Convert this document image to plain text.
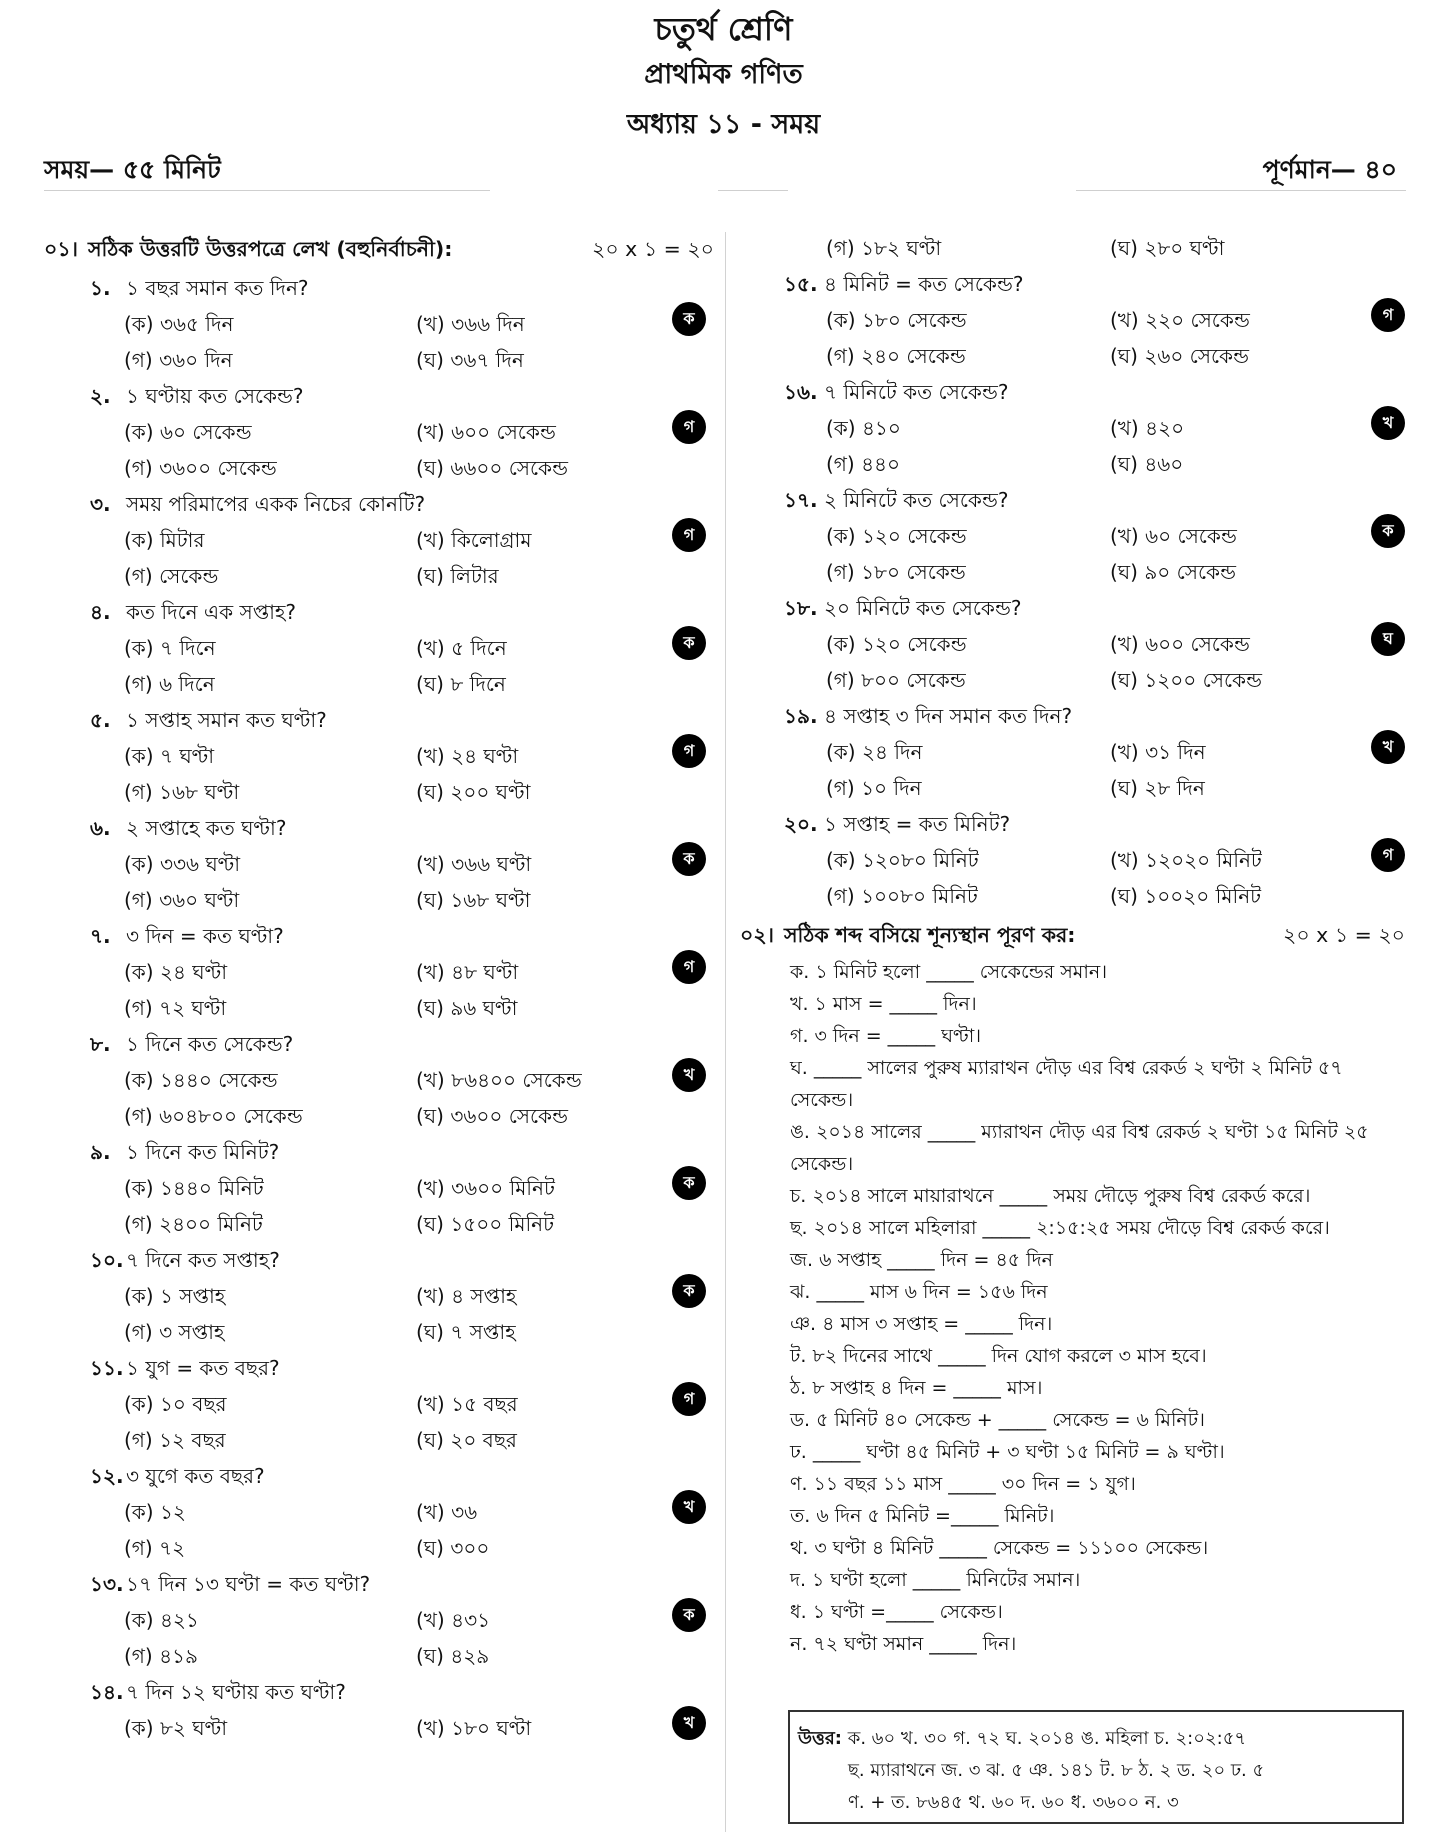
চতুর্থ শ্রেণি
প্রাথমিক গণিত
অধ্যায় ১১ - সময়
সময়— ৫৫ মিনিট	পূর্ণমান— ৪০
০১। সঠিক উত্তরটি উত্তরপত্রে লেখ (বহুনির্বাচনী):	২০ x ১ = ২০
১. ১ বছর সমান কত দিন?
(ক) ৩৬৫ দিন	(খ) ৩৬৬ দিন	ক
(গ) ৩৬০ দিন	(ঘ) ৩৬৭ দিন
২. ১ ঘণ্টায় কত সেকেন্ড?
(ক) ৬০ সেকেন্ড	(খ) ৬০০ সেকেন্ড	গ
(গ) ৩৬০০ সেকেন্ড	(ঘ) ৬৬০০ সেকেন্ড
৩. সময় পরিমাপের একক নিচের কোনটি?
(ক) মিটার	(খ) কিলোগ্রাম	গ
(গ) সেকেন্ড	(ঘ) লিটার
৪. কত দিনে এক সপ্তাহ?
(ক) ৭ দিনে	(খ) ৫ দিনে	ক
(গ) ৬ দিনে	(ঘ) ৮ দিনে
৫. ১ সপ্তাহ সমান কত ঘণ্টা?
(ক) ৭ ঘণ্টা	(খ) ২৪ ঘণ্টা	গ
(গ) ১৬৮ ঘণ্টা	(ঘ) ২০০ ঘণ্টা
৬. ২ সপ্তাহে কত ঘণ্টা?
(ক) ৩৩৬ ঘণ্টা	(খ) ৩৬৬ ঘণ্টা	ক
(গ) ৩৬০ ঘণ্টা	(ঘ) ১৬৮ ঘণ্টা
৭. ৩ দিন = কত ঘণ্টা?
(ক) ২৪ ঘণ্টা	(খ) ৪৮ ঘণ্টা	গ
(গ) ৭২ ঘণ্টা	(ঘ) ৯৬ ঘণ্টা
৮. ১ দিনে কত সেকেন্ড?
(ক) ১৪৪০ সেকেন্ড	(খ) ৮৬৪০০ সেকেন্ড	খ
(গ) ৬০৪৮০০ সেকেন্ড	(ঘ) ৩৬০০ সেকেন্ড
৯. ১ দিনে কত মিনিট?
(ক) ১৪৪০ মিনিট	(খ) ৩৬০০ মিনিট	ক
(গ) ২৪০০ মিনিট	(ঘ) ১৫০০ মিনিট
১০. ৭ দিনে কত সপ্তাহ?
(ক) ১ সপ্তাহ	(খ) ৪ সপ্তাহ	ক
(গ) ৩ সপ্তাহ	(ঘ) ৭ সপ্তাহ
১১. ১ যুগ = কত বছর?
(ক) ১০ বছর	(খ) ১৫ বছর	গ
(গ) ১২ বছর	(ঘ) ২০ বছর
১২. ৩ যুগে কত বছর?
(ক) ১২	(খ) ৩৬	খ
(গ) ৭২	(ঘ) ৩০০
১৩. ১৭ দিন ১৩ ঘণ্টা = কত ঘণ্টা?
(ক) ৪২১	(খ) ৪৩১	ক
(গ) ৪১৯	(ঘ) ৪২৯
১৪. ৭ দিন ১২ ঘণ্টায় কত ঘণ্টা?
(ক) ৮২ ঘণ্টা	(খ) ১৮০ ঘণ্টা	খ
(গ) ১৮২ ঘণ্টা	(ঘ) ২৮০ ঘণ্টা
১৫. ৪ মিনিট = কত সেকেন্ড?
(ক) ১৮০ সেকেন্ড	(খ) ২২০ সেকেন্ড	গ
(গ) ২৪০ সেকেন্ড	(ঘ) ২৬০ সেকেন্ড
১৬. ৭ মিনিটে কত সেকেন্ড?
(ক) ৪১০	(খ) ৪২০	খ
(গ) ৪৪০	(ঘ) ৪৬০
১৭. ২ মিনিটে কত সেকেন্ড?
(ক) ১২০ সেকেন্ড	(খ) ৬০ সেকেন্ড	ক
(গ) ১৮০ সেকেন্ড	(ঘ) ৯০ সেকেন্ড
১৮. ২০ মিনিটে কত সেকেন্ড?
(ক) ১২০ সেকেন্ড	(খ) ৬০০ সেকেন্ড	ঘ
(গ) ৮০০ সেকেন্ড	(ঘ) ১২০০ সেকেন্ড
১৯. ৪ সপ্তাহ ৩ দিন সমান কত দিন?
(ক) ২৪ দিন	(খ) ৩১ দিন	খ
(গ) ১০ দিন	(ঘ) ২৮ দিন
২০. ১ সপ্তাহ = কত মিনিট?
(ক) ১২০৮০ মিনিট	(খ) ১২০২০ মিনিট	গ
(গ) ১০০৮০ মিনিট	(ঘ) ১০০২০ মিনিট
০২। সঠিক শব্দ বসিয়ে শূন্যস্থান পূরণ কর:	২০ x ১ = ২০
ক. ১ মিনিট হলো _____ সেকেন্ডের সমান।
খ. ১ মাস = _____ দিন।
গ. ৩ দিন = _____ ঘণ্টা।
ঘ. _____ সালের পুরুষ ম্যারাথন দৌড় এর বিশ্ব রেকর্ড ২ ঘণ্টা ২ মিনিট ৫৭ সেকেন্ড।
ঙ. ২০১৪ সালের _____ ম্যারাথন দৌড় এর বিশ্ব রেকর্ড ২ ঘণ্টা ১৫ মিনিট ২৫ সেকেন্ড।
চ. ২০১৪ সালে মায়ারাথনে _____ সময় দৌড়ে পুরুষ বিশ্ব রেকর্ড করে।
ছ. ২০১৪ সালে মহিলারা _____ ২:১৫:২৫ সময় দৌড়ে বিশ্ব রেকর্ড করে।
জ. ৬ সপ্তাহ _____ দিন = ৪৫ দিন
ঝ. _____ মাস ৬ দিন = ১৫৬ দিন
ঞ. ৪ মাস ৩ সপ্তাহ = _____ দিন।
ট. ৮২ দিনের সাথে _____ দিন যোগ করলে ৩ মাস হবে।
ঠ. ৮ সপ্তাহ ৪ দিন = _____ মাস।
ড. ৫ মিনিট ৪০ সেকেন্ড + _____ সেকেন্ড = ৬ মিনিট।
ঢ. _____ ঘণ্টা ৪৫ মিনিট + ৩ ঘণ্টা ১৫ মিনিট = ৯ ঘণ্টা।
ণ. ১১ বছর ১১ মাস _____ ৩০ দিন = ১ যুগ।
ত. ৬ দিন ৫ মিনিট =_____ মিনিট।
থ. ৩ ঘণ্টা ৪ মিনিট _____ সেকেন্ড = ১১১০০ সেকেন্ড।
দ. ১ ঘণ্টা হলো _____ মিনিটের সমান।
ধ. ১ ঘণ্টা =_____ সেকেন্ড।
ন. ৭২ ঘণ্টা সমান _____ দিন।
উত্তর: ক. ৬০ খ. ৩০ গ. ৭২ ঘ. ২০১৪ ঙ. মহিলা চ. ২:০২:৫৭
ছ. ম্যারাথনে জ. ৩ ঝ. ৫ ঞ. ১৪১ ট. ৮ ঠ. ২ ড. ২০ ঢ. ৫
ণ. + ত. ৮৬৪৫ থ. ৬০ দ. ৬০ ধ. ৩৬০০ ন. ৩
